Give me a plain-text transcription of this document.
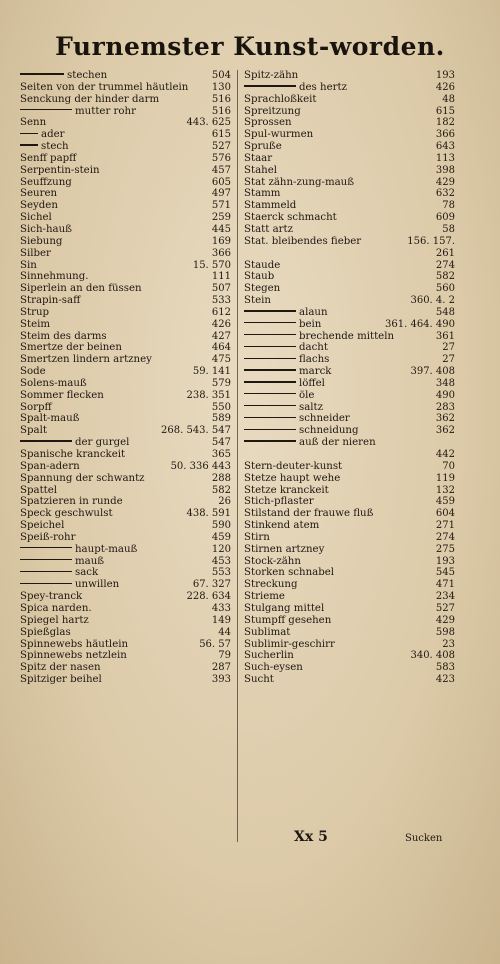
Furnemster Kunst-worden.
stechen	504
Seiten von der trummel häutlein 130
Senckung der hinder darm	516
mutter rohr	516
Senn	443. 625
ader	615
stech	527
Senff papff	576
Serpentin-stein	457
Seuffzung	605
Seuren	497
Seyden	571
Sichel	259
Sich-hauß	445
Siebung	169
Silber	366
Sin	15. 570
Sinnehmung.	111
Siperlein an den füssen	507
Strapin-saff	533
Strup	612
Steim	426
Steim des darms	427
Smertze der beinen	464
Smertzen lindern artzney	475
Sode	59. 141
Solens-mauß	579
Sommer flecken	238. 351
Sorpff	550
Spalt-mauß	589
Spalt	268. 543. 547
der gurgel	547
Spanische kranckeit	365
Span-adern	50. 336 443
Spannung der schwantz	288
Spattel	582
Spatzieren in runde	26
Speck geschwulst	438. 591
Speichel	590
Speiß-rohr	459
haupt-mauß	120
mauß	453
sack	553
unwillen	67. 327
Spey-tranck	228. 634
Spica narden.	433
Spiegel hartz	149
Spießglas	44
Spinnewebs häutlein	56. 57
Spinnewebs netzlein	79
Spitz der nasen	287
Spitziger beihel	393
Spitz-zähn	193
des hertz	426
Sprachloßkeit	48
Spreitzung	615
Sprossen	182
Spul-wurmen	366
Spruße	643
Staar	113
Stahel	398
Stat zähn-zung-mauß	429
Stamm	632
Stammeld	78
Staerck schmacht	609
Statt artz	58
Stat. bleibendes fieber	156. 157.
261
Staude	274
Staub	582
Stegen	560
Stein	360. 4. 2
alaun	548
bein	361. 464. 490
brechende mitteln	361
dacht	27
flachs	27
marck	397. 408
löffel	348
öle	490
saltz	283
schneider	362
schneidung	362
auß der nieren
442
Stern-deuter-kunst	70
Stetze haupt wehe	119
Stetze kranckeit	132
Stich-pflaster	459
Stilstand der frauwe fluß	604
Stinkend atem	271
Stirn	274
Stirnen artzney	275
Stock-zähn	193
Storken schnabel	545
Streckung	471
Strieme	234
Stulgang mittel	527
Stumpff gesehen	429
Sublimat	598
Sublimir-geschirr	23
Sucherlin	340. 408
Such-eysen	583
Sucht	423
Xx 5	Sucken
